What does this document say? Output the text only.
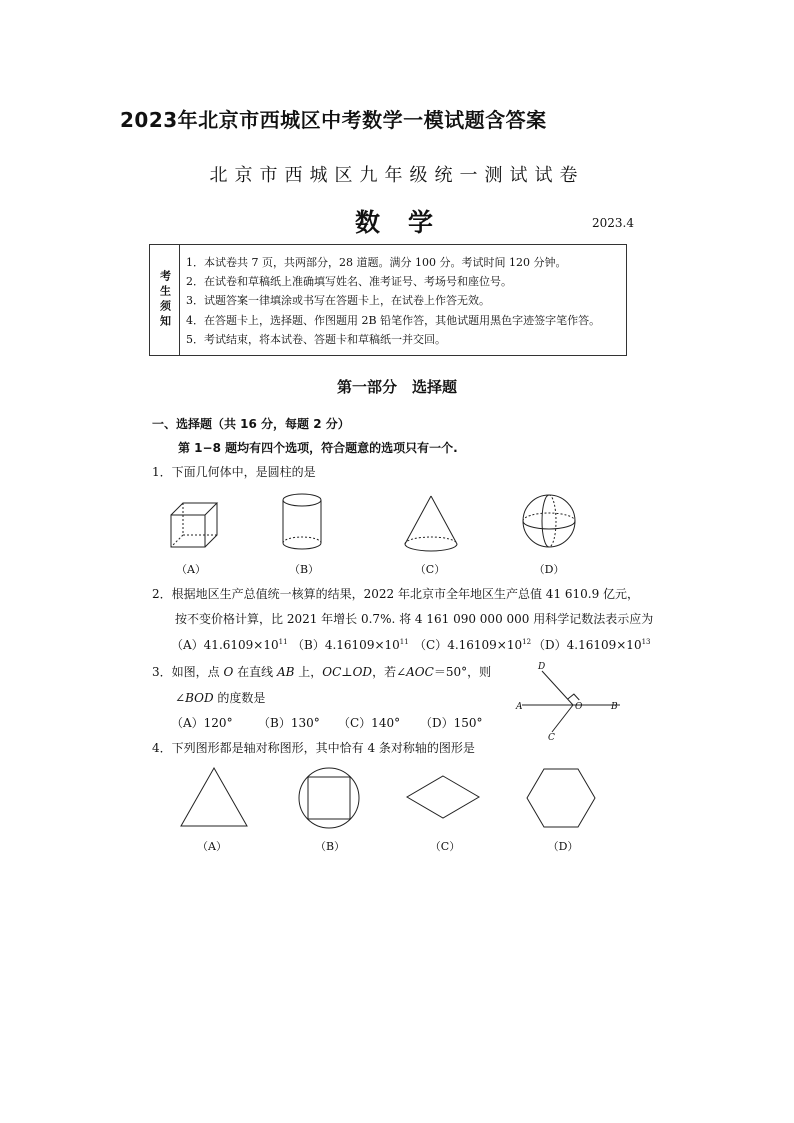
2023年北京市西城区中考数学一模试题含答案
北京市西城区九年级统一测试试卷
数学	2023.4
考生须知
1．本试卷共 7 页，共两部分，28 道题。满分 100 分。考试时间 120 分钟。
2．在试卷和草稿纸上准确填写姓名、准考证号、考场号和座位号。
3．试题答案一律填涂或书写在答题卡上，在试卷上作答无效。
4．在答题卡上，选择题、作图题用 2B 铅笔作答，其他试题用黑色字迹签字笔作答。
5．考试结束，将本试卷、答题卡和草稿纸一并交回。
第一部分　选择题
一、选择题（共 16 分，每题 2 分）
第 1−8 题均有四个选项，符合题意的选项只有一个.
1．下面几何体中，是圆柱的是
（A）	（B）	（C）	（D）
2．根据地区生产总值统一核算的结果，2022 年北京市全年地区生产总值 41 610.9 亿元，
按不变价格计算，比 2021 年增长 0.7%. 将 4 161 090 000 000 用科学记数法表示应为
$(A)41.6109\times 10^{11}$ $(B)4.16109\times 10^{11}$ $(C)4.16109\times 10^{12}$ $(D)4.16109\times 10^{13}$
3．如图，点 O 在直线 AB 上，OC⊥OD，若∠AOC＝50°，则
∠BOD 的度数是
（A）120° （B）130° （C）140° （D）150°
D
A	O	B
C
4．下列图形都是轴对称图形，其中恰有 4 条对称轴的图形是
（A）	（B）	（C）	（D）
